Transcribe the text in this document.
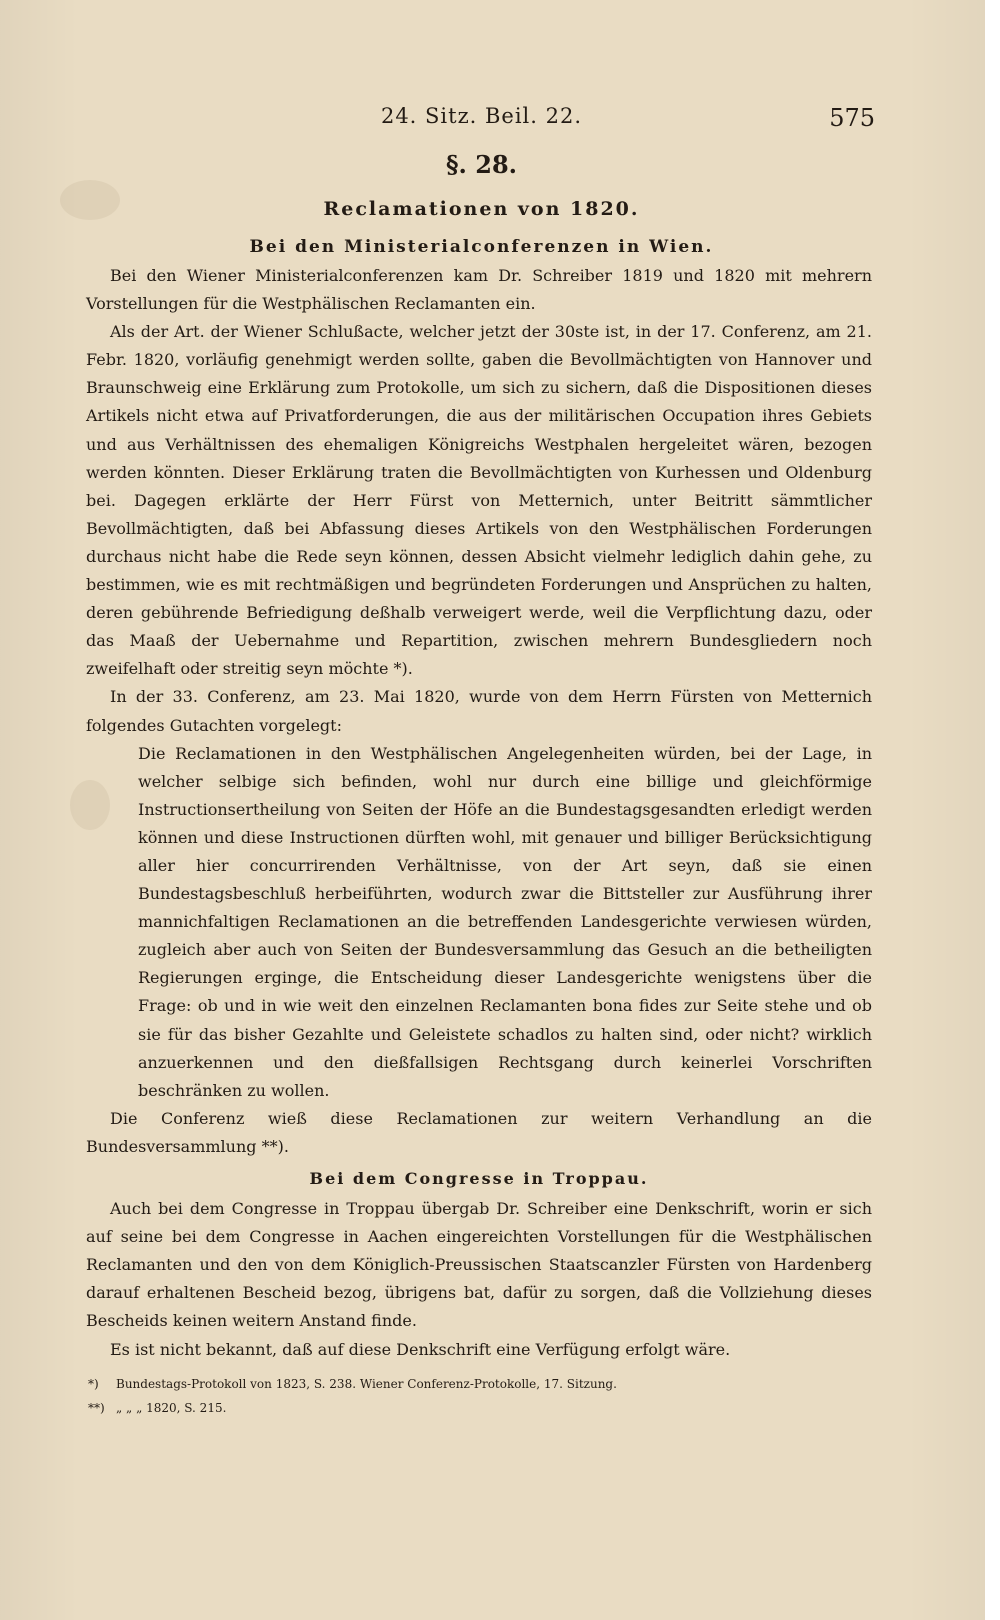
24. Sitz. Beil. 22.	575
§. 28.
Reclamationen von 1820.
Bei den Ministerialconferenzen in Wien.

Bei den Wiener Ministerialconferenzen kam Dr. Schreiber 1819 und 1820 mit mehrern Vorstellungen für die Westphälischen Reclamanten ein.

Als der Art. der Wiener Schlußacte, welcher jetzt der 30ste ist, in der 17. Conferenz, am 21. Febr. 1820, vorläufig genehmigt werden sollte, gaben die Bevollmächtigten von Hannover und Braunschweig eine Erklärung zum Protokolle, um sich zu sichern, daß die Dispositionen dieses Artikels nicht etwa auf Privatforderungen, die aus der militärischen Occupation ihres Gebiets und aus Verhältnissen des ehemaligen Königreichs Westphalen hergeleitet wären, bezogen werden könnten. Dieser Erklärung traten die Bevollmächtigten von Kurhessen und Oldenburg bei. Dagegen erklärte der Herr Fürst von Metternich, unter Beitritt sämmtlicher Bevollmächtigten, daß bei Abfassung dieses Artikels von den Westphälischen Forderungen durchaus nicht habe die Rede seyn können, dessen Absicht vielmehr lediglich dahin gehe, zu bestimmen, wie es mit rechtmäßigen und begründeten Forderungen und Ansprüchen zu halten, deren gebührende Befriedigung deßhalb verweigert werde, weil die Verpflichtung dazu, oder das Maaß der Uebernahme und Repartition, zwischen mehrern Bundesgliedern noch zweifelhaft oder streitig seyn möchte *).

In der 33. Conferenz, am 23. Mai 1820, wurde von dem Herrn Fürsten von Metternich folgendes Gutachten vorgelegt:

Die Reclamationen in den Westphälischen Angelegenheiten würden, bei der Lage, in welcher selbige sich befinden, wohl nur durch eine billige und gleichförmige Instructionsertheilung von Seiten der Höfe an die Bundestagsgesandten erledigt werden können und diese Instructionen dürften wohl, mit genauer und billiger Berücksichtigung aller hier concurrirenden Verhältnisse, von der Art seyn, daß sie einen Bundestagsbeschluß herbeiführten, wodurch zwar die Bittsteller zur Ausführung ihrer mannichfaltigen Reclamationen an die betreffenden Landesgerichte verwiesen würden, zugleich aber auch von Seiten der Bundesversammlung das Gesuch an die betheiligten Regierungen erginge, die Entscheidung dieser Landesgerichte wenigstens über die Frage: ob und in wie weit den einzelnen Reclamanten bona fides zur Seite stehe und ob sie für das bisher Gezahlte und Geleistete schadlos zu halten sind, oder nicht? wirklich anzuerkennen und den dießfallsigen Rechtsgang durch keinerlei Vorschriften beschränken zu wollen.

Die Conferenz wieß diese Reclamationen zur weitern Verhandlung an die Bundesversammlung **).

Bei dem Congresse in Troppau.

Auch bei dem Congresse in Troppau übergab Dr. Schreiber eine Denkschrift, worin er sich auf seine bei dem Congresse in Aachen eingereichten Vorstellungen für die Westphälischen Reclamanten und den von dem Königlich-Preussischen Staatscanzler Fürsten von Hardenberg darauf erhaltenen Bescheid bezog, übrigens bat, dafür zu sorgen, daß die Vollziehung dieses Bescheids keinen weitern Anstand finde.

Es ist nicht bekannt, daß auf diese Denkschrift eine Verfügung erfolgt wäre.

*) Bundestags-Protokoll von 1823, S. 238. Wiener Conferenz-Protokolle, 17. Sitzung.
**) „ „ „ 1820, S. 215.
